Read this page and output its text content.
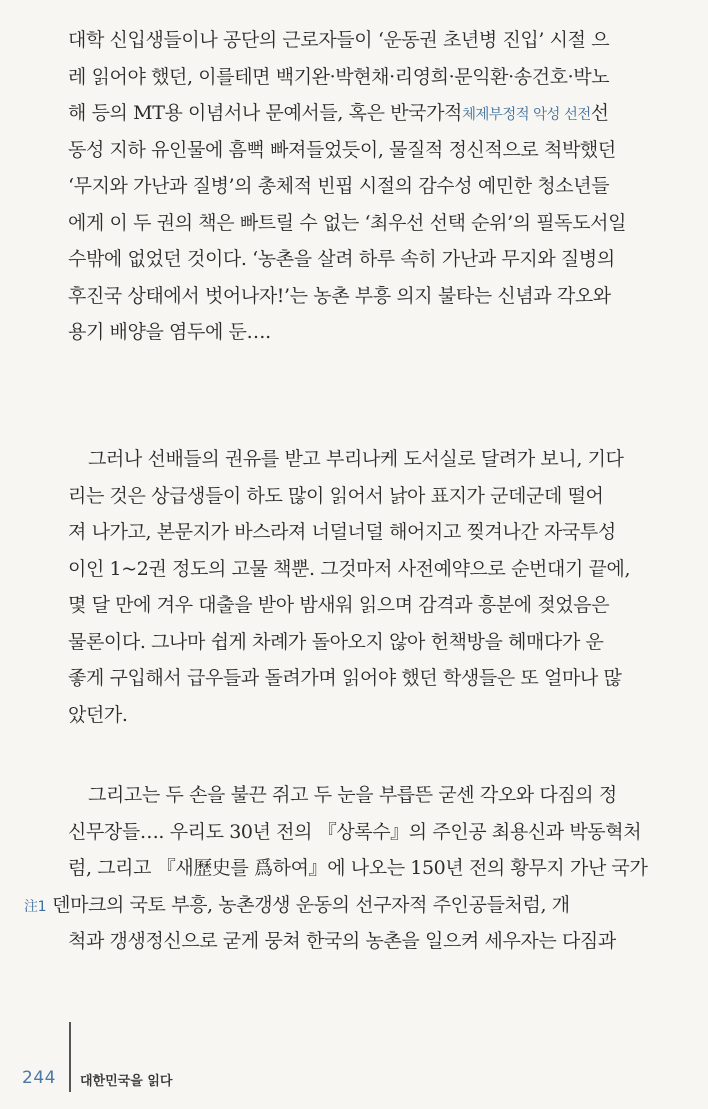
대학 신입생들이나 공단의 근로자들이 ‘운동권 초년병 진입’ 시절 으
레 읽어야 했던, 이를테면 백기완·박현채·리영희·문익환·송건호·박노
해 등의 MT용 이념서나 문예서들, 혹은 반국가적체제부정적 악성 선전선
동성 지하 유인물에 흠뻑 빠져들었듯이, 물질적 정신적으로 척박했던
‘무지와 가난과 질병’의 총체적 빈핍 시절의 감수성 예민한 청소년들
에게 이 두 권의 책은 빠트릴 수 없는 ‘최우선 선택 순위’의 필독도서일
수밖에 없었던 것이다. ‘농촌을 살려 하루 속히 가난과 무지와 질병의
후진국 상태에서 벗어나자!’는 농촌 부흥 의지 불타는 신념과 각오와
용기 배양을 염두에 둔….
그러나 선배들의 권유를 받고 부리나케 도서실로 달려가 보니, 기다
리는 것은 상급생들이 하도 많이 읽어서 낡아 표지가 군데군데 떨어
져 나가고, 본문지가 바스라져 너덜너덜 해어지고 찢겨나간 자국투성
이인 1~2권 정도의 고물 책뿐. 그것마저 사전예약으로 순번대기 끝에,
몇 달 만에 겨우 대출을 받아 밤새워 읽으며 감격과 흥분에 젖었음은
물론이다. 그나마 쉽게 차례가 돌아오지 않아 헌책방을 헤매다가 운
좋게 구입해서 급우들과 돌려가며 읽어야 했던 학생들은 또 얼마나 많
았던가.
그리고는 두 손을 불끈 쥐고 두 눈을 부릅뜬 굳센 각오와 다짐의 정
신무장들…. 우리도 30년 전의 『상록수』의 주인공 최용신과 박동혁처
럼, 그리고 『새歷史를 爲하여』에 나오는 150년 전의 황무지 가난 국가
注1 덴마크의 국토 부흥, 농촌갱생 운동의 선구자적 주인공들처럼, 개
척과 갱생정신으로 굳게 뭉쳐 한국의 농촌을 일으켜 세우자는 다짐과
244 대한민국을 읽다
